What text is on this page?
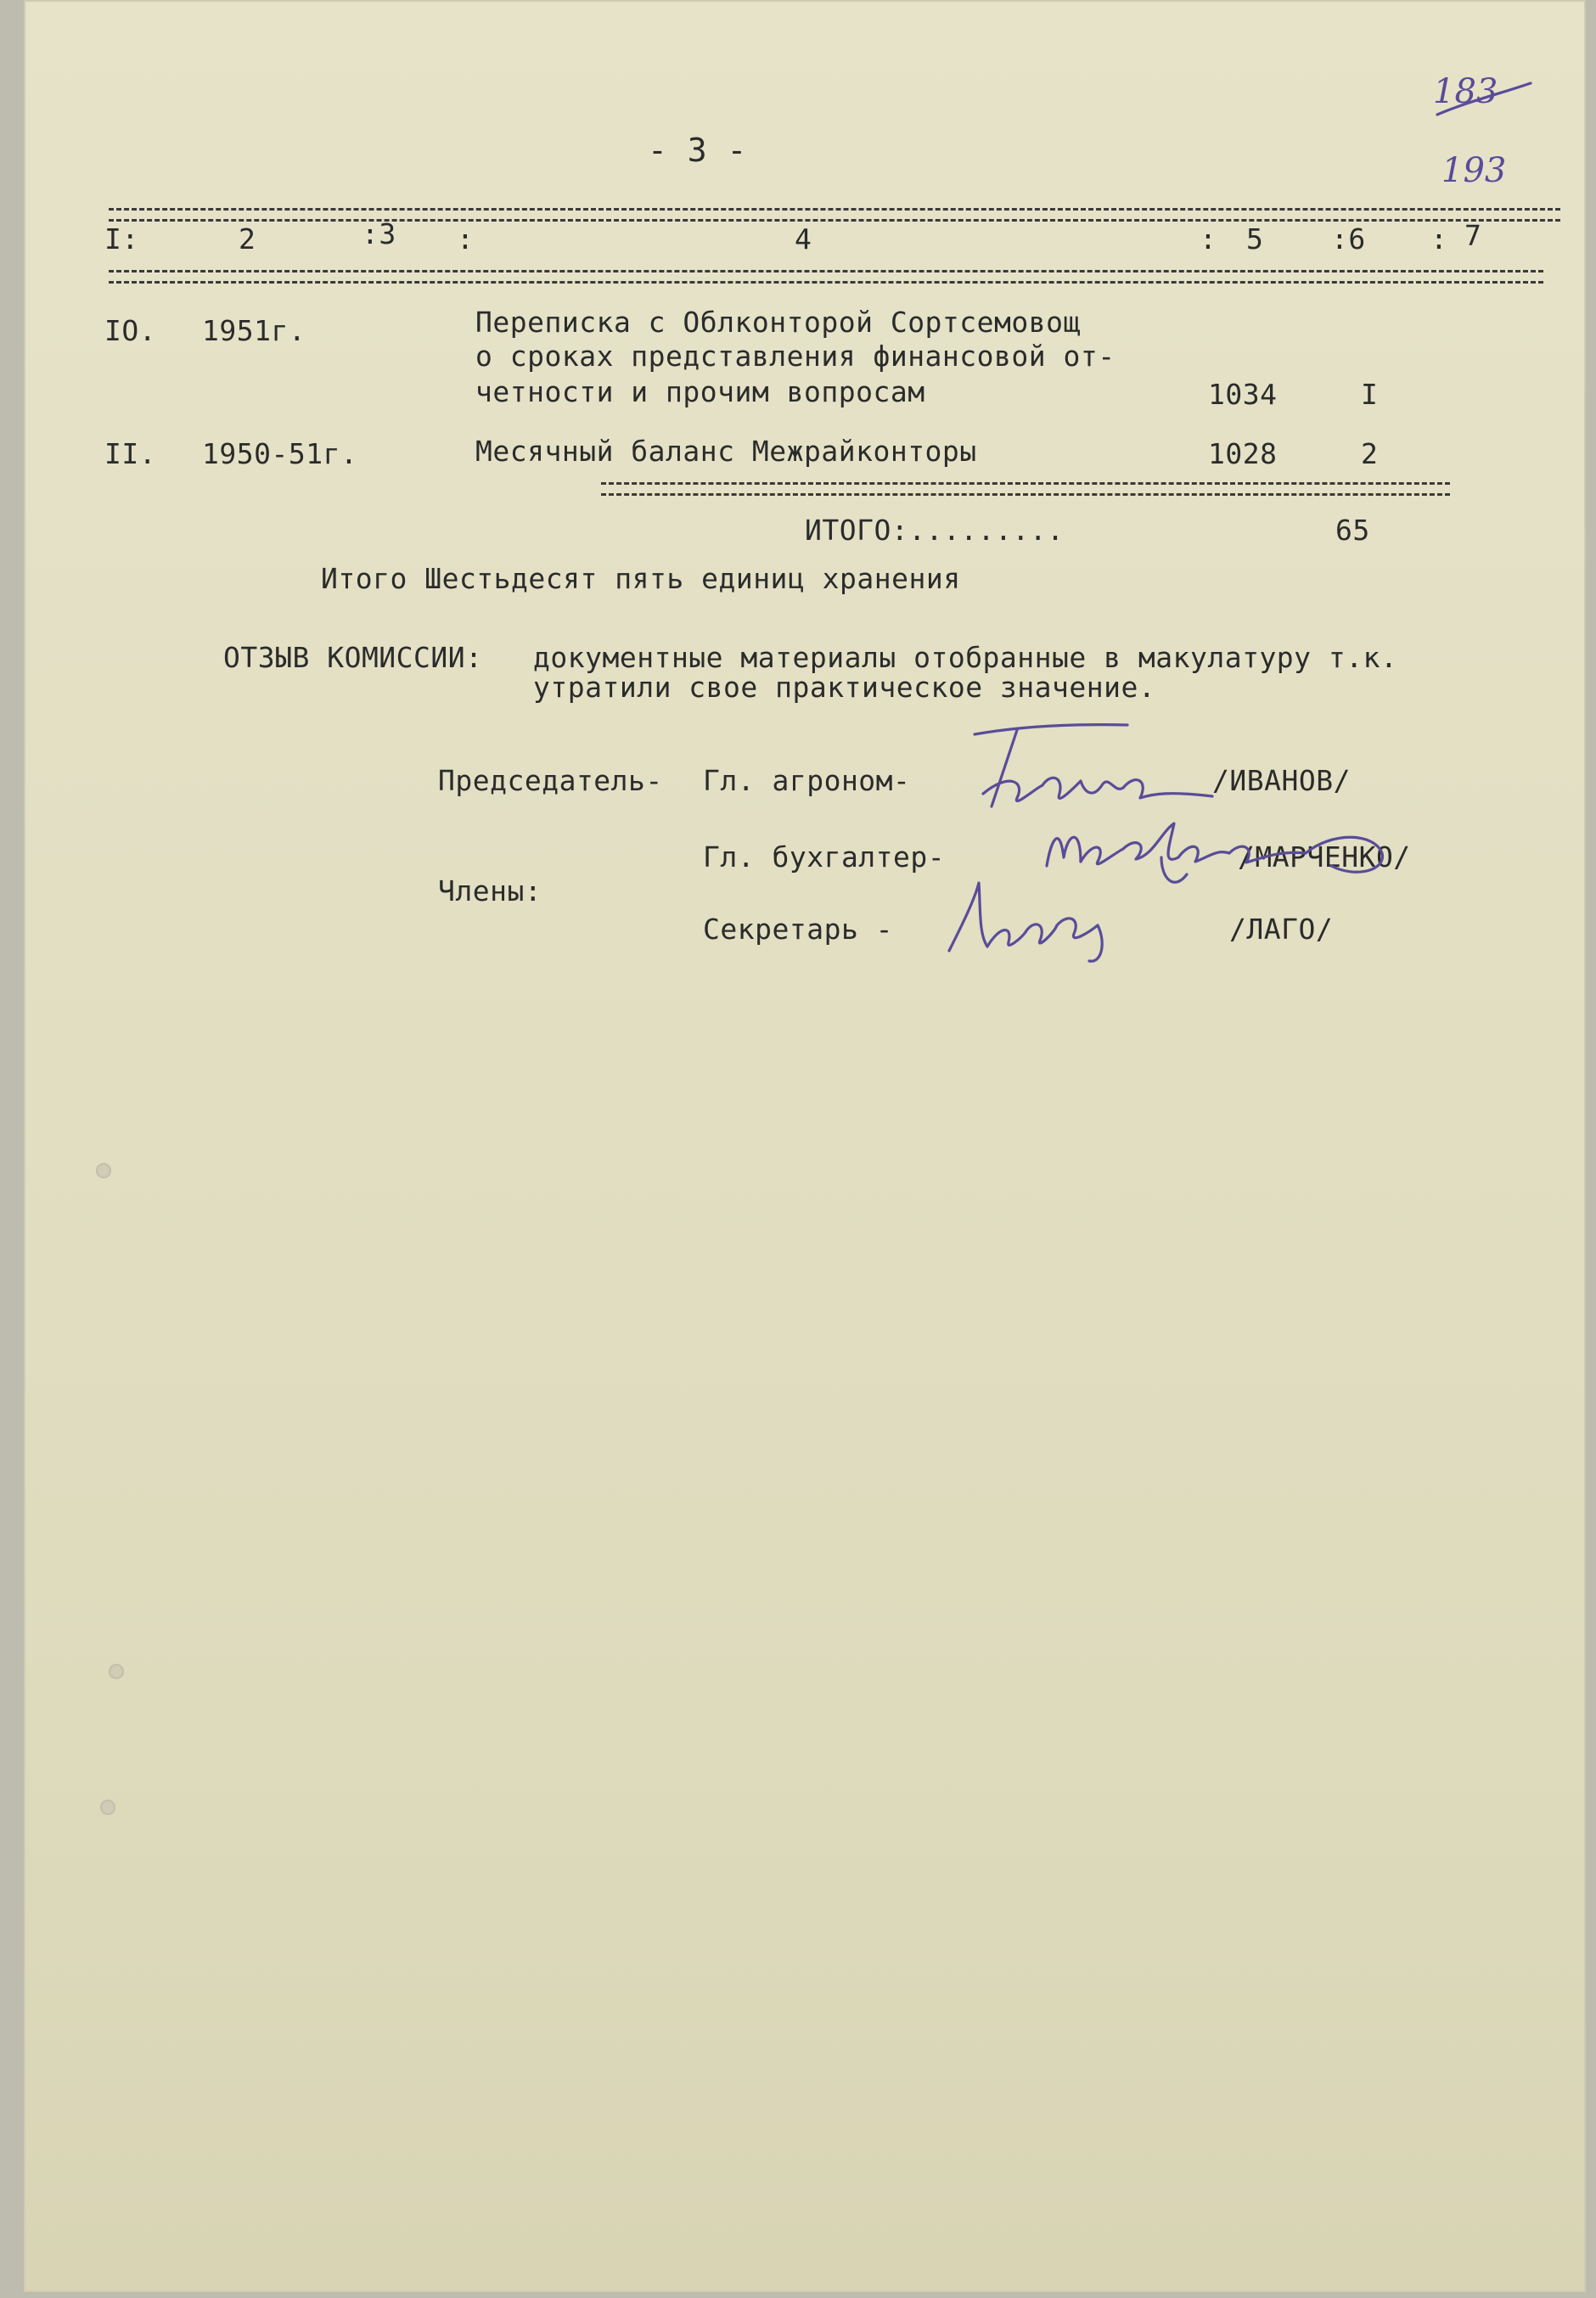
183
193
- 3 -
I:	2	:3 :	4	: 5 :6 : 7
IO. 1951г.	Переписка с Облконторой Сортсемовощ
о сроках представления финансовой от-
четности и прочим вопросам	1034	I
II. 1950-51г.	Месячный баланс Межрайконторы	1028	2
ИТОГО:.........	65
Итого Шестьдесят пять единиц хранения
ОТЗЫВ КОМИССИИ: документные материалы отобранные в макулатуру т.к.
утратили свое практическое значение.
Председатель- Гл. агроном-	/ИВАНОВ/
Гл. бухгалтер-	/МАРЧЕНКО/
Члены:
Секретарь -	/ЛАГО/
